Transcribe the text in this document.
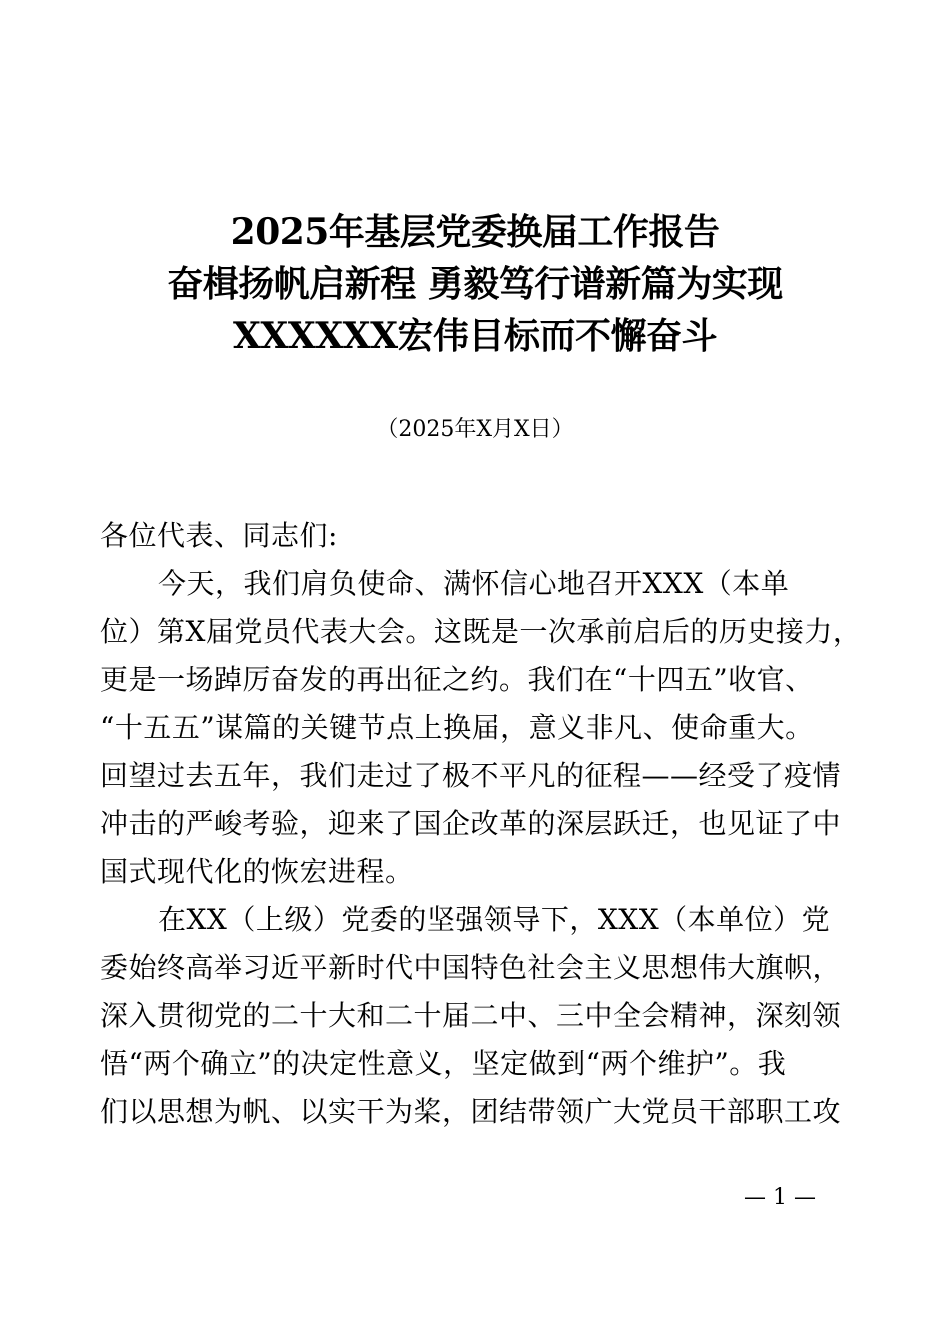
2025年基层党委换届工作报告
奋楫扬帆启新程 勇毅笃行谱新篇为实现
XXXXXX宏伟目标而不懈奋斗
（2025年X月X日）
各位代表、同志们:
今天，我们肩负使命、满怀信心地召开XXX（本单
位）第X届党员代表大会。这既是一次承前启后的历史接力，
更是一场踔厉奋发的再出征之约。我们在“十四五”收官、
“十五五”谋篇的关键节点上换届，意义非凡、使命重大。
回望过去五年，我们走过了极不平凡的征程——经受了疫情
冲击的严峻考验，迎来了国企改革的深层跃迁，也见证了中
国式现代化的恢宏进程。
在XX（上级）党委的坚强领导下，XXX（本单位）党
委始终高举习近平新时代中国特色社会主义思想伟大旗帜，
深入贯彻党的二十大和二十届二中、三中全会精神，深刻领
悟“两个确立”的决定性意义，坚定做到“两个维护”。我
们以思想为帆、以实干为桨，团结带领广大党员干部职工攻
— 1 —
